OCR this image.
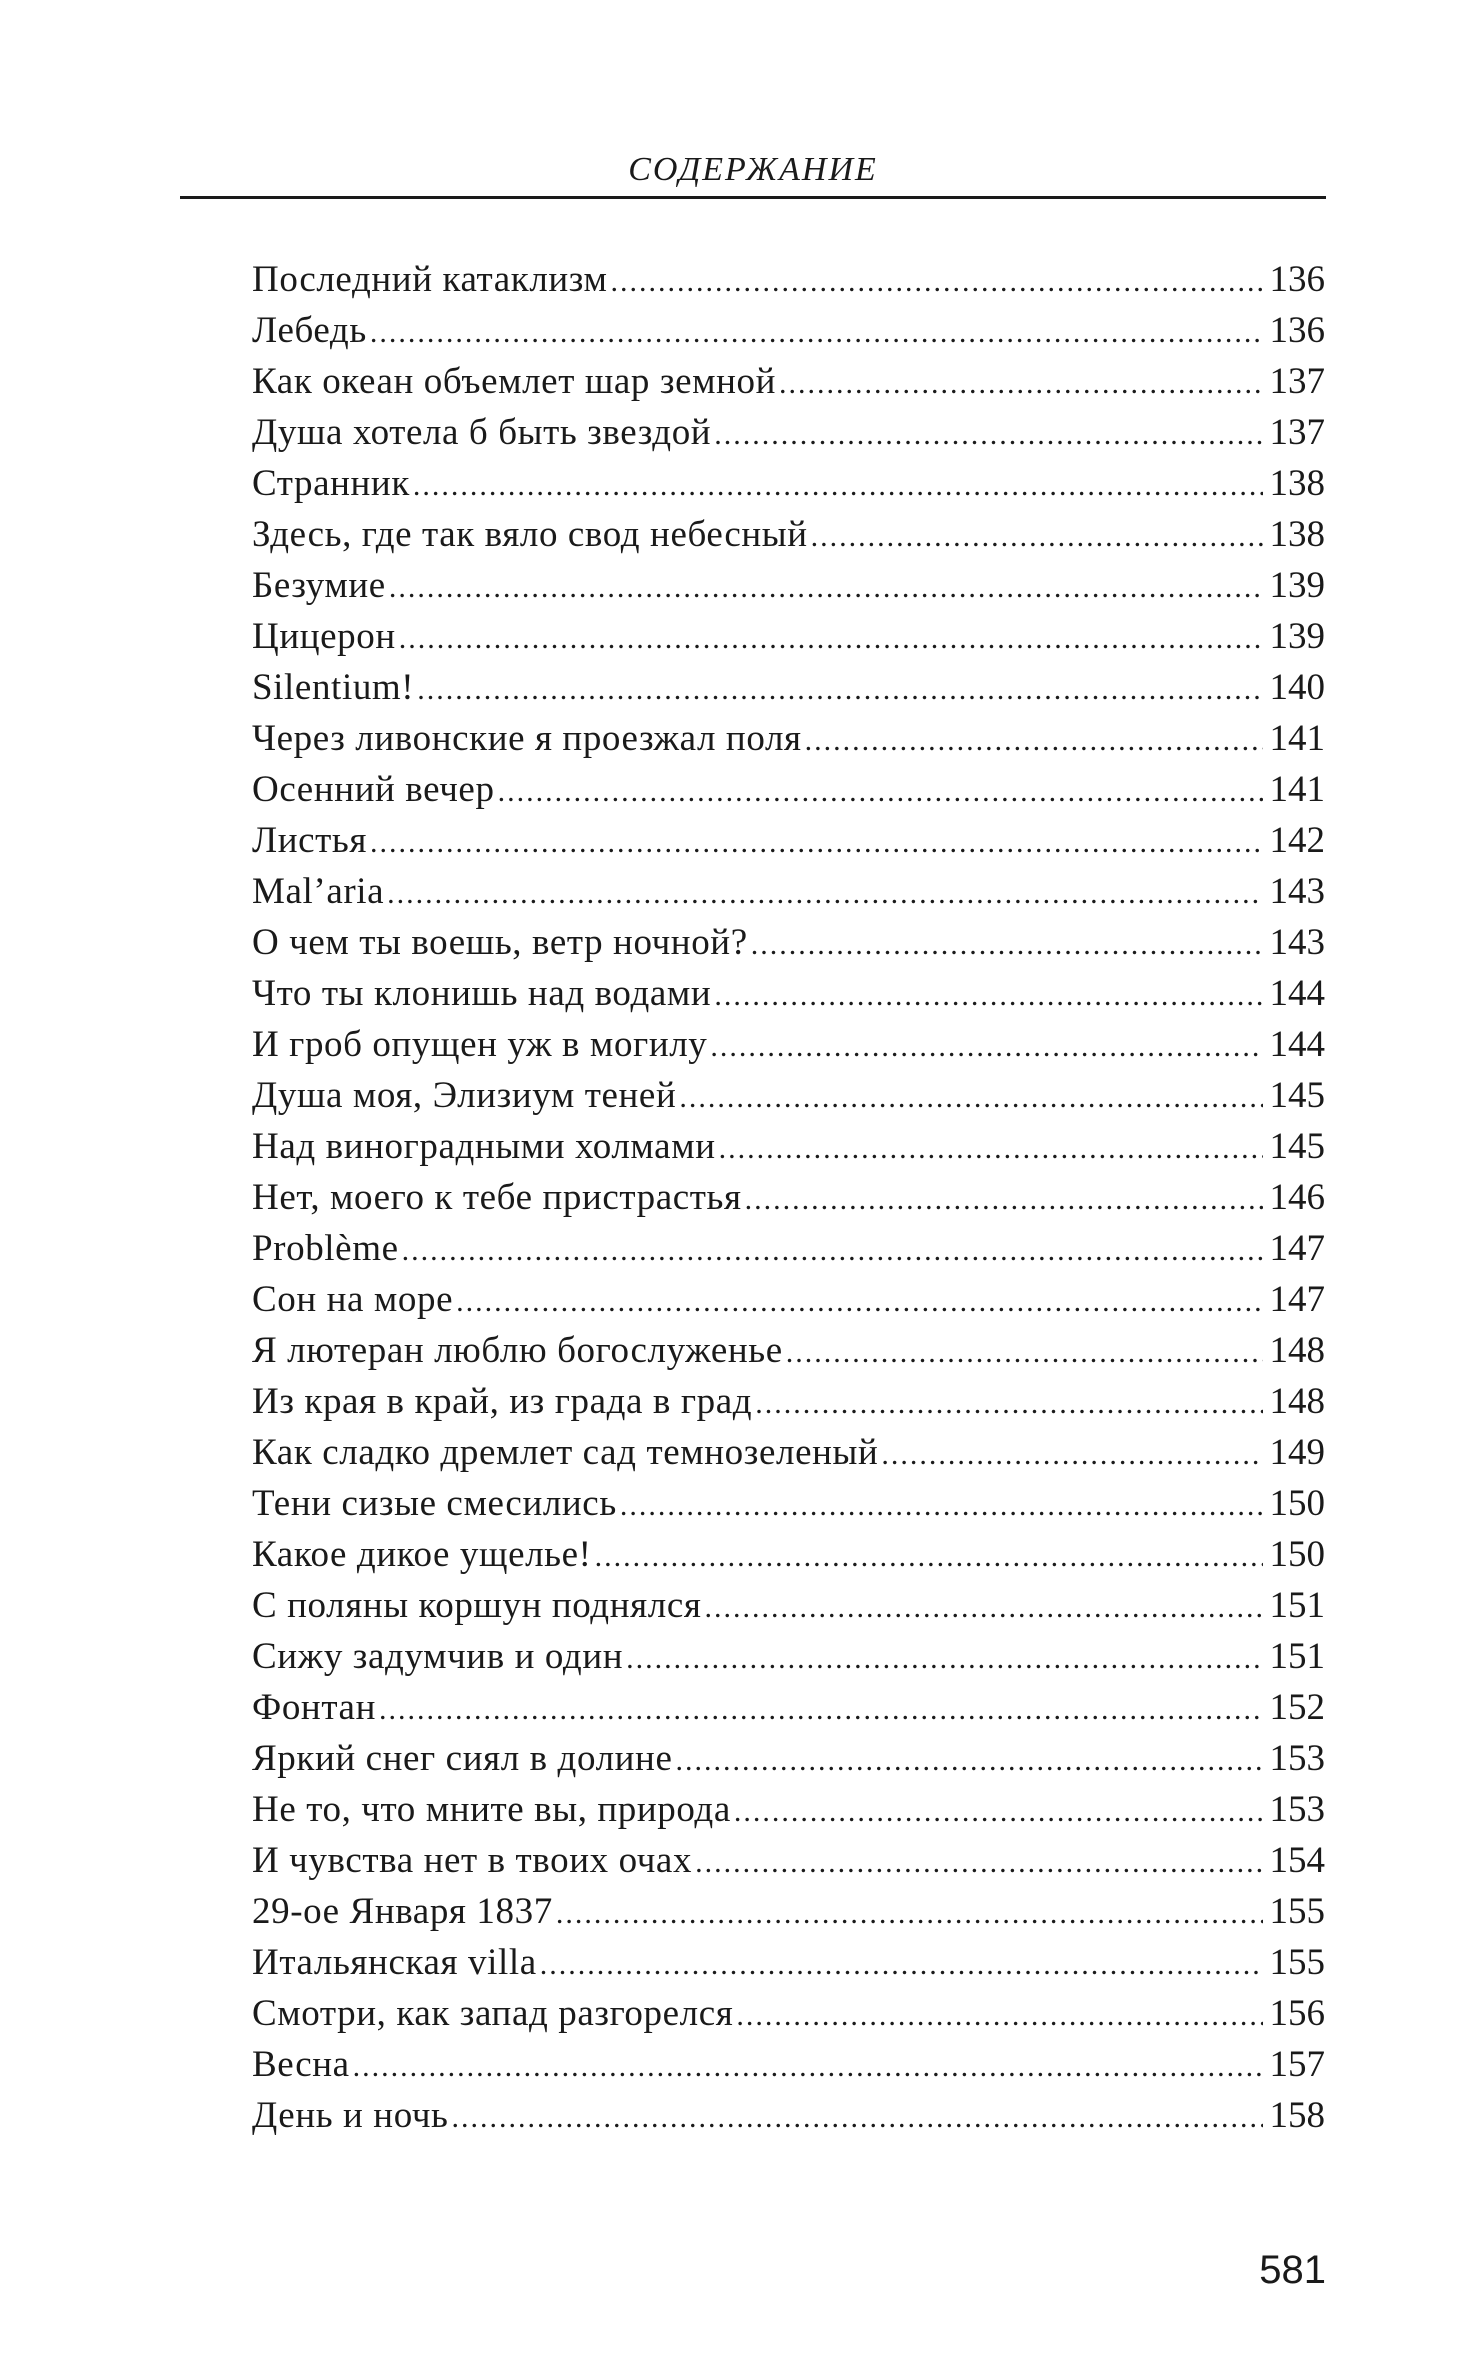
СОДЕРЖАНИЕ
Последний катаклизм .....	136
Лебедь .....	136
Как океан объемлет шар земной .....	137
Душа хотела б быть звездой .....	137
Странник .....	138
Здесь, где так вяло свод небесный .....	138
Безумие .....	139
Цицерон .....	139
Silentium! .....	140
Через ливонские я проезжал поля .....	141
Осенний вечер .....	141
Листья .....	142
Mal’aria .....	143
О чем ты воешь, ветр ночной? .....	143
Что ты клонишь над водами .....	144
И гроб опущен уж в могилу .....	144
Душа моя, Элизиум теней .....	145
Над виноградными холмами .....	145
Нет, моего к тебе пристрастья .....	146
Problème .....	147
Сон на море .....	147
Я лютеран люблю богослуженье .....	148
Из края в край, из града в град .....	148
Как сладко дремлет сад темнозеленый .....	149
Тени сизые смесились .....	150
Какое дикое ущелье! .....	150
С поляны коршун поднялся .....	151
Сижу задумчив и один .....	151
Фонтан .....	152
Яркий снег сиял в долине .....	153
Не то, что мните вы, природа .....	153
И чувства нет в твоих очах .....	154
29-ое Января 1837 .....	155
Итальянская villa .....	155
Смотри, как запад разгорелся .....	156
Весна .....	157
День и ночь .....	158
581
